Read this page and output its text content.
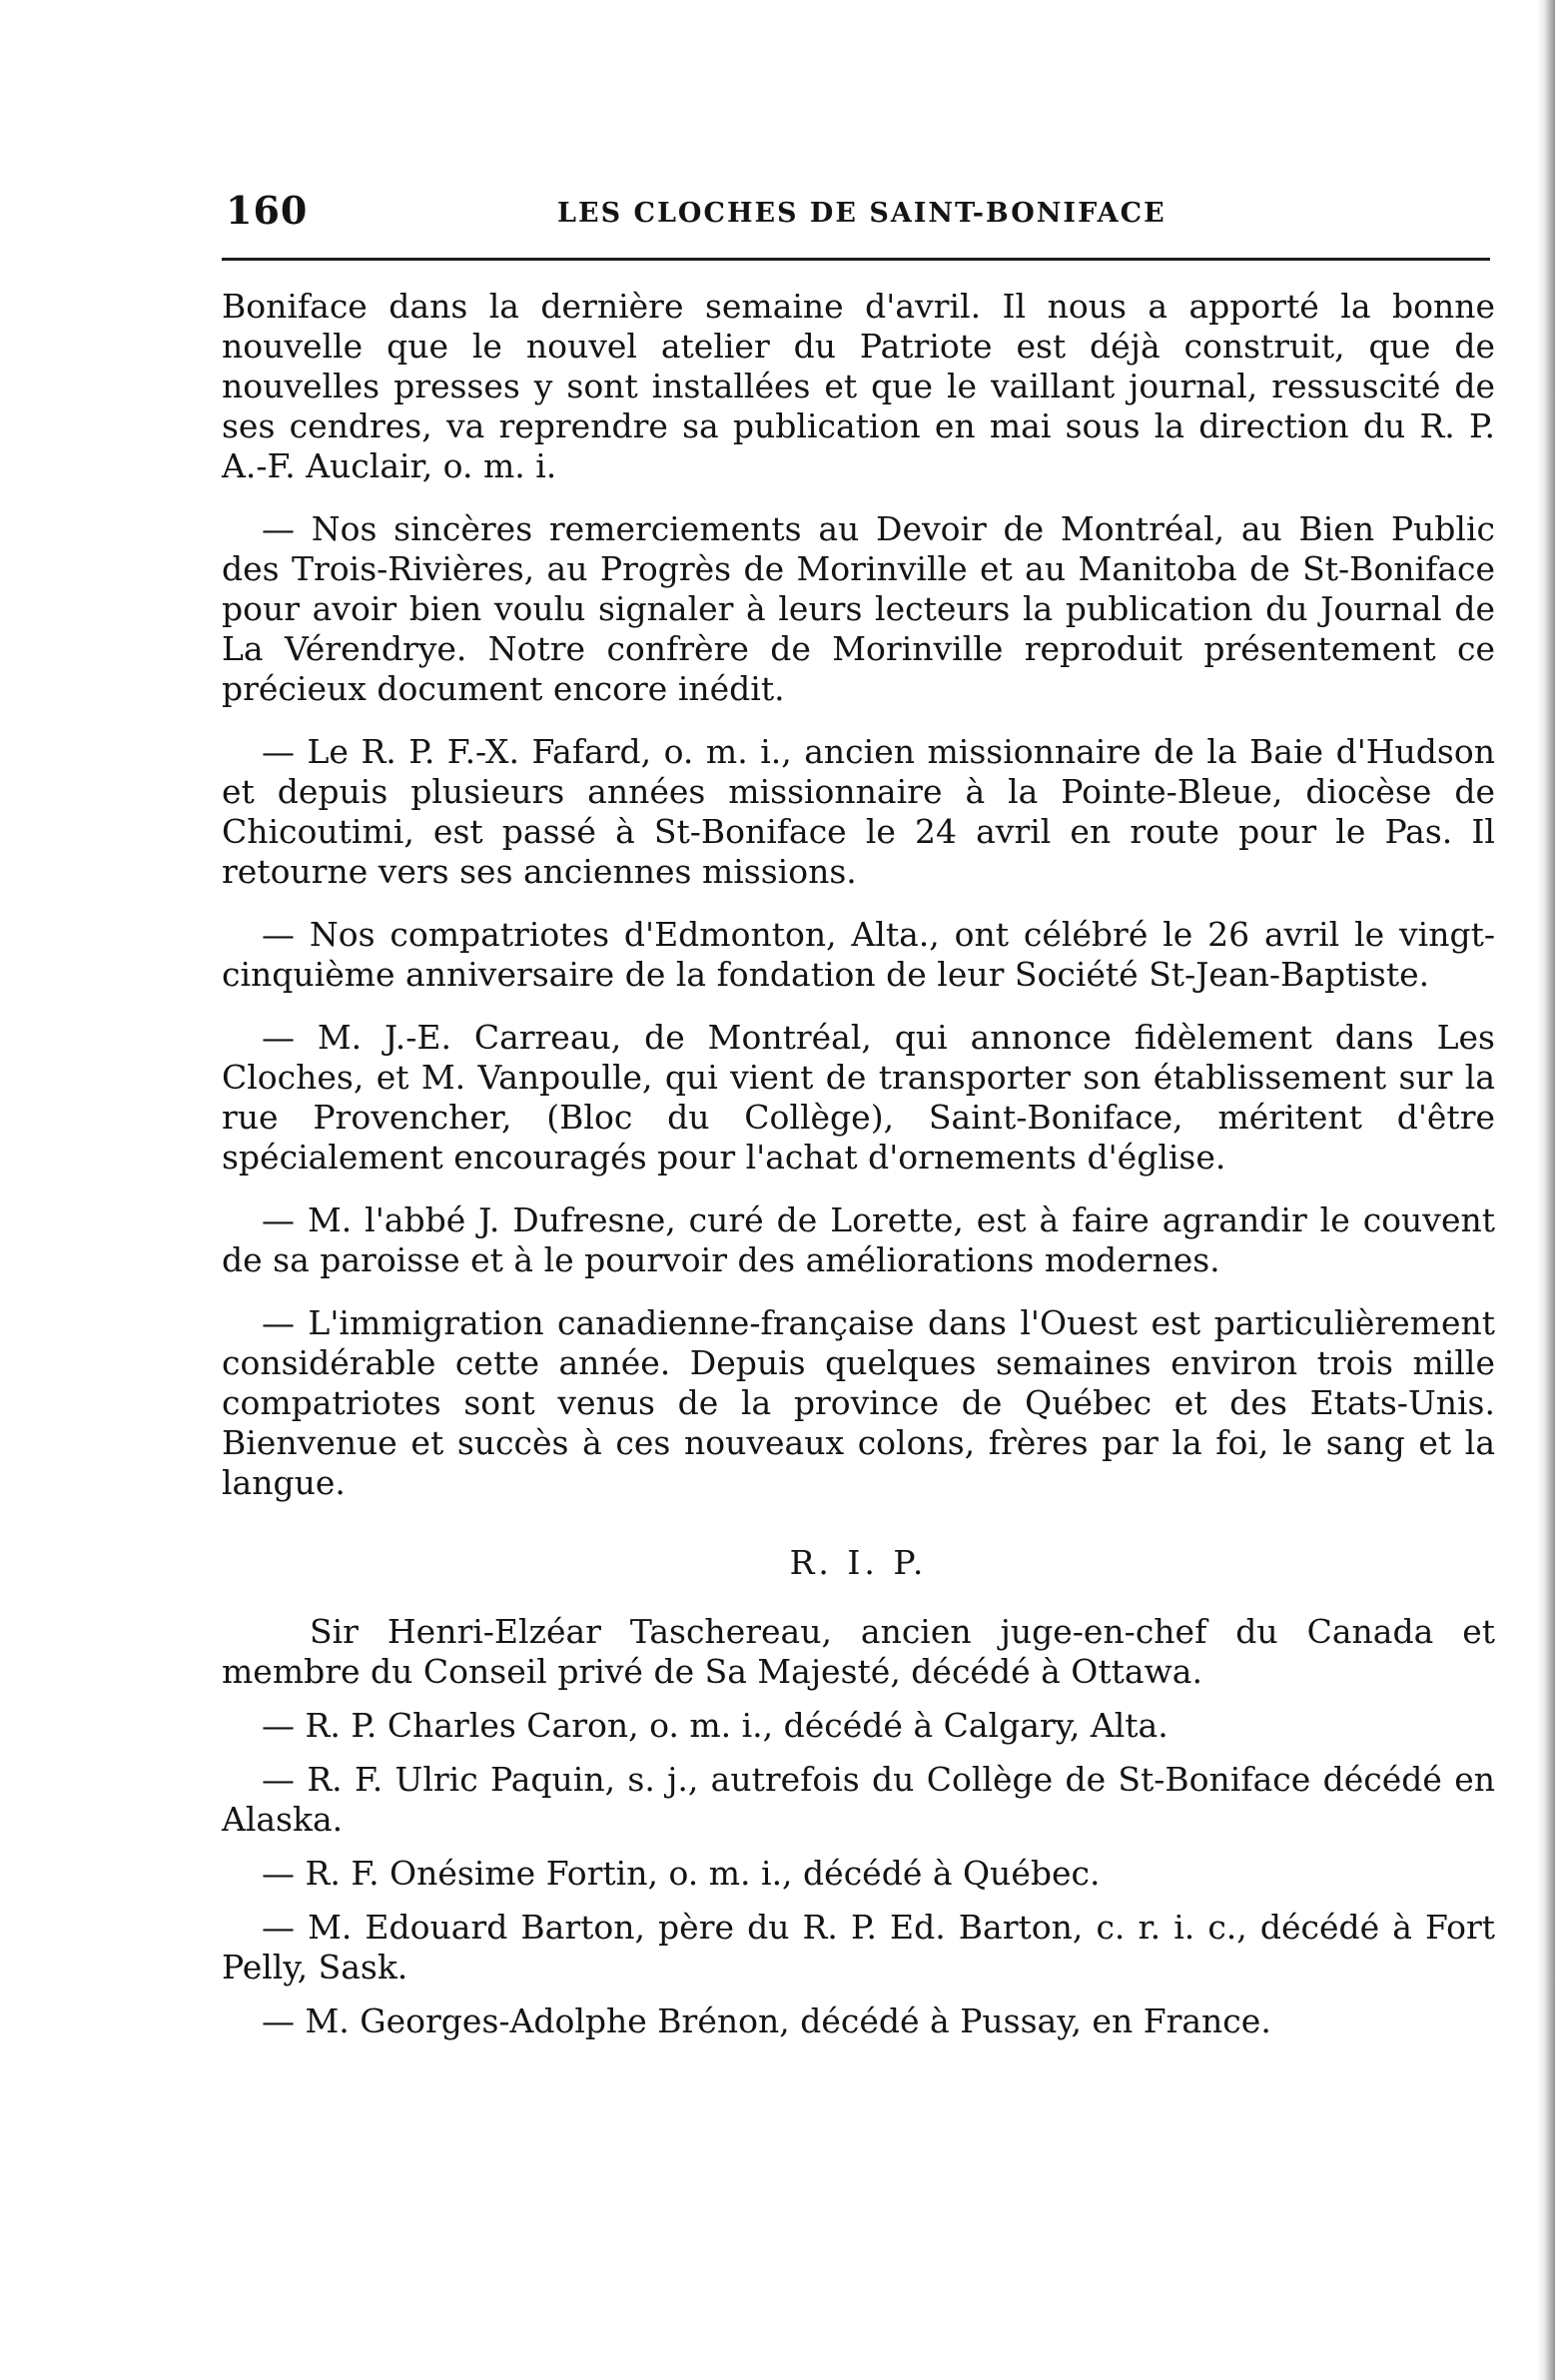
160	LES CLOCHES DE SAINT-BONIFACE

Boniface dans la dernière semaine d'avril. Il nous a apporté la bonne nouvelle que le nouvel atelier du Patriote est déjà construit, que de nouvelles presses y sont installées et que le vaillant journal, ressuscité de ses cendres, va reprendre sa publication en mai sous la direction du R. P. A.-F. Auclair, o. m. i.

— Nos sincères remerciements au Devoir de Montréal, au Bien Public des Trois-Rivières, au Progrès de Morinville et au Manitoba de St-Boniface pour avoir bien voulu signaler à leurs lecteurs la publication du Journal de La Vérendrye. Notre confrère de Morinville reproduit présentement ce précieux document encore inédit.

— Le R. P. F.-X. Fafard, o. m. i., ancien missionnaire de la Baie d'Hudson et depuis plusieurs années missionnaire à la Pointe-Bleue, diocèse de Chicoutimi, est passé à St-Boniface le 24 avril en route pour le Pas. Il retourne vers ses anciennes missions.

— Nos compatriotes d'Edmonton, Alta., ont célébré le 26 avril le vingt-cinquième anniversaire de la fondation de leur Société St-Jean-Baptiste.

— M. J.-E. Carreau, de Montréal, qui annonce fidèlement dans Les Cloches, et M. Vanpoulle, qui vient de transporter son établissement sur la rue Provencher, (Bloc du Collège), Saint-Boniface, méritent d'être spécialement encouragés pour l'achat d'ornements d'église.

— M. l'abbé J. Dufresne, curé de Lorette, est à faire agrandir le couvent de sa paroisse et à le pourvoir des améliorations modernes.

— L'immigration canadienne-française dans l'Ouest est particulièrement considérable cette année. Depuis quelques semaines environ trois mille compatriotes sont venus de la province de Québec et des Etats-Unis. Bienvenue et succès à ces nouveaux colons, frères par la foi, le sang et la langue.

R. I. P.

Sir Henri-Elzéar Taschereau, ancien juge-en-chef du Canada et membre du Conseil privé de Sa Majesté, décédé à Ottawa.

— R. P. Charles Caron, o. m. i., décédé à Calgary, Alta.

— R. F. Ulric Paquin, s. j., autrefois du Collège de St-Boniface décédé en Alaska.

— R. F. Onésime Fortin, o. m. i., décédé à Québec.

— M. Edouard Barton, père du R. P. Ed. Barton, c. r. i. c., décédé à Fort Pelly, Sask.

— M. Georges-Adolphe Brénon, décédé à Pussay, en France.
